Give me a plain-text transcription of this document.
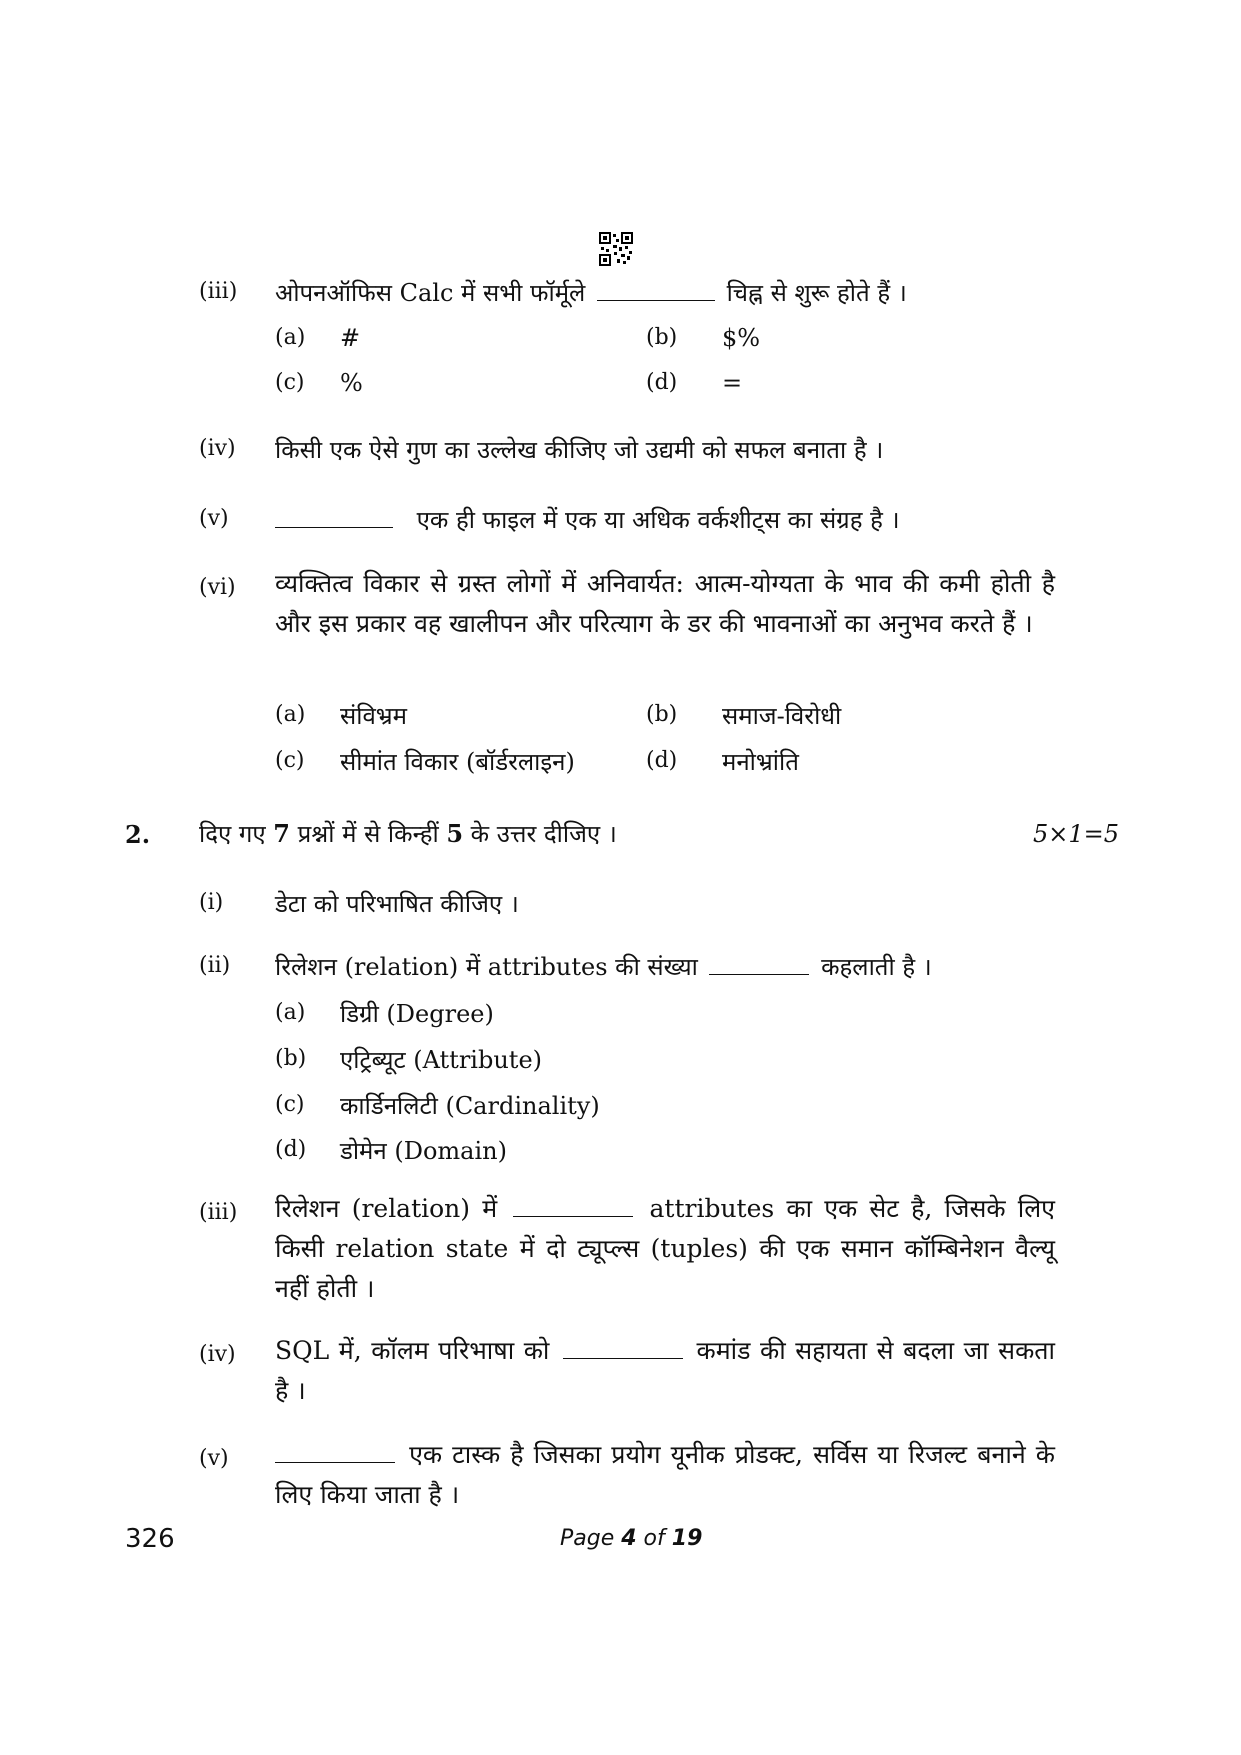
(iii) ओपनऑफिस Calc में सभी फॉर्मूले	चिह्न से शुरू होते हैं ।
(a) #	(b) $%
(c) %	(d) =
(iv) किसी एक ऐसे गुण का उल्लेख कीजिए जो उद्यमी को सफल बनाता है ।
(v)	एक ही फाइल में एक या अधिक वर्कशीट्स का संग्रह है ।
(vi) व्यक्तित्व विकार से ग्रस्त लोगों में अनिवार्यत: आत्म-योग्यता के भाव की कमी होती है और इस प्रकार वह खालीपन और परित्याग के डर की भावनाओं का अनुभव करते हैं ।
(a) संविभ्रम	(b) समाज-विरोधी
(c) सीमांत विकार (बॉर्डरलाइन)	(d) मनोभ्रांति
2. दिए गए 7 प्रश्नों में से किन्हीं 5 के उत्तर दीजिए ।	5×1=5
(i) डेटा को परिभाषित कीजिए ।
(ii) रिलेशन (relation) में attributes की संख्या	कहलाती है ।
(a) डिग्री (Degree)
(b) एट्रिब्यूट (Attribute)
(c) कार्डिनलिटी (Cardinality)
(d) डोमेन (Domain)
(iii) रिलेशन (relation) में	attributes का एक सेट है, जिसके लिए किसी relation state में दो ट्यूप्ल्स (tuples) की एक समान कॉम्बिनेशन वैल्यू नहीं होती ।
(iv) SQL में, कॉलम परिभाषा को	कमांड की सहायता से बदला जा सकता है ।
(v)	एक टास्क है जिसका प्रयोग यूनीक प्रोडक्ट, सर्विस या रिजल्ट बनाने के लिए किया जाता है ।
326	Page 4 of 19
